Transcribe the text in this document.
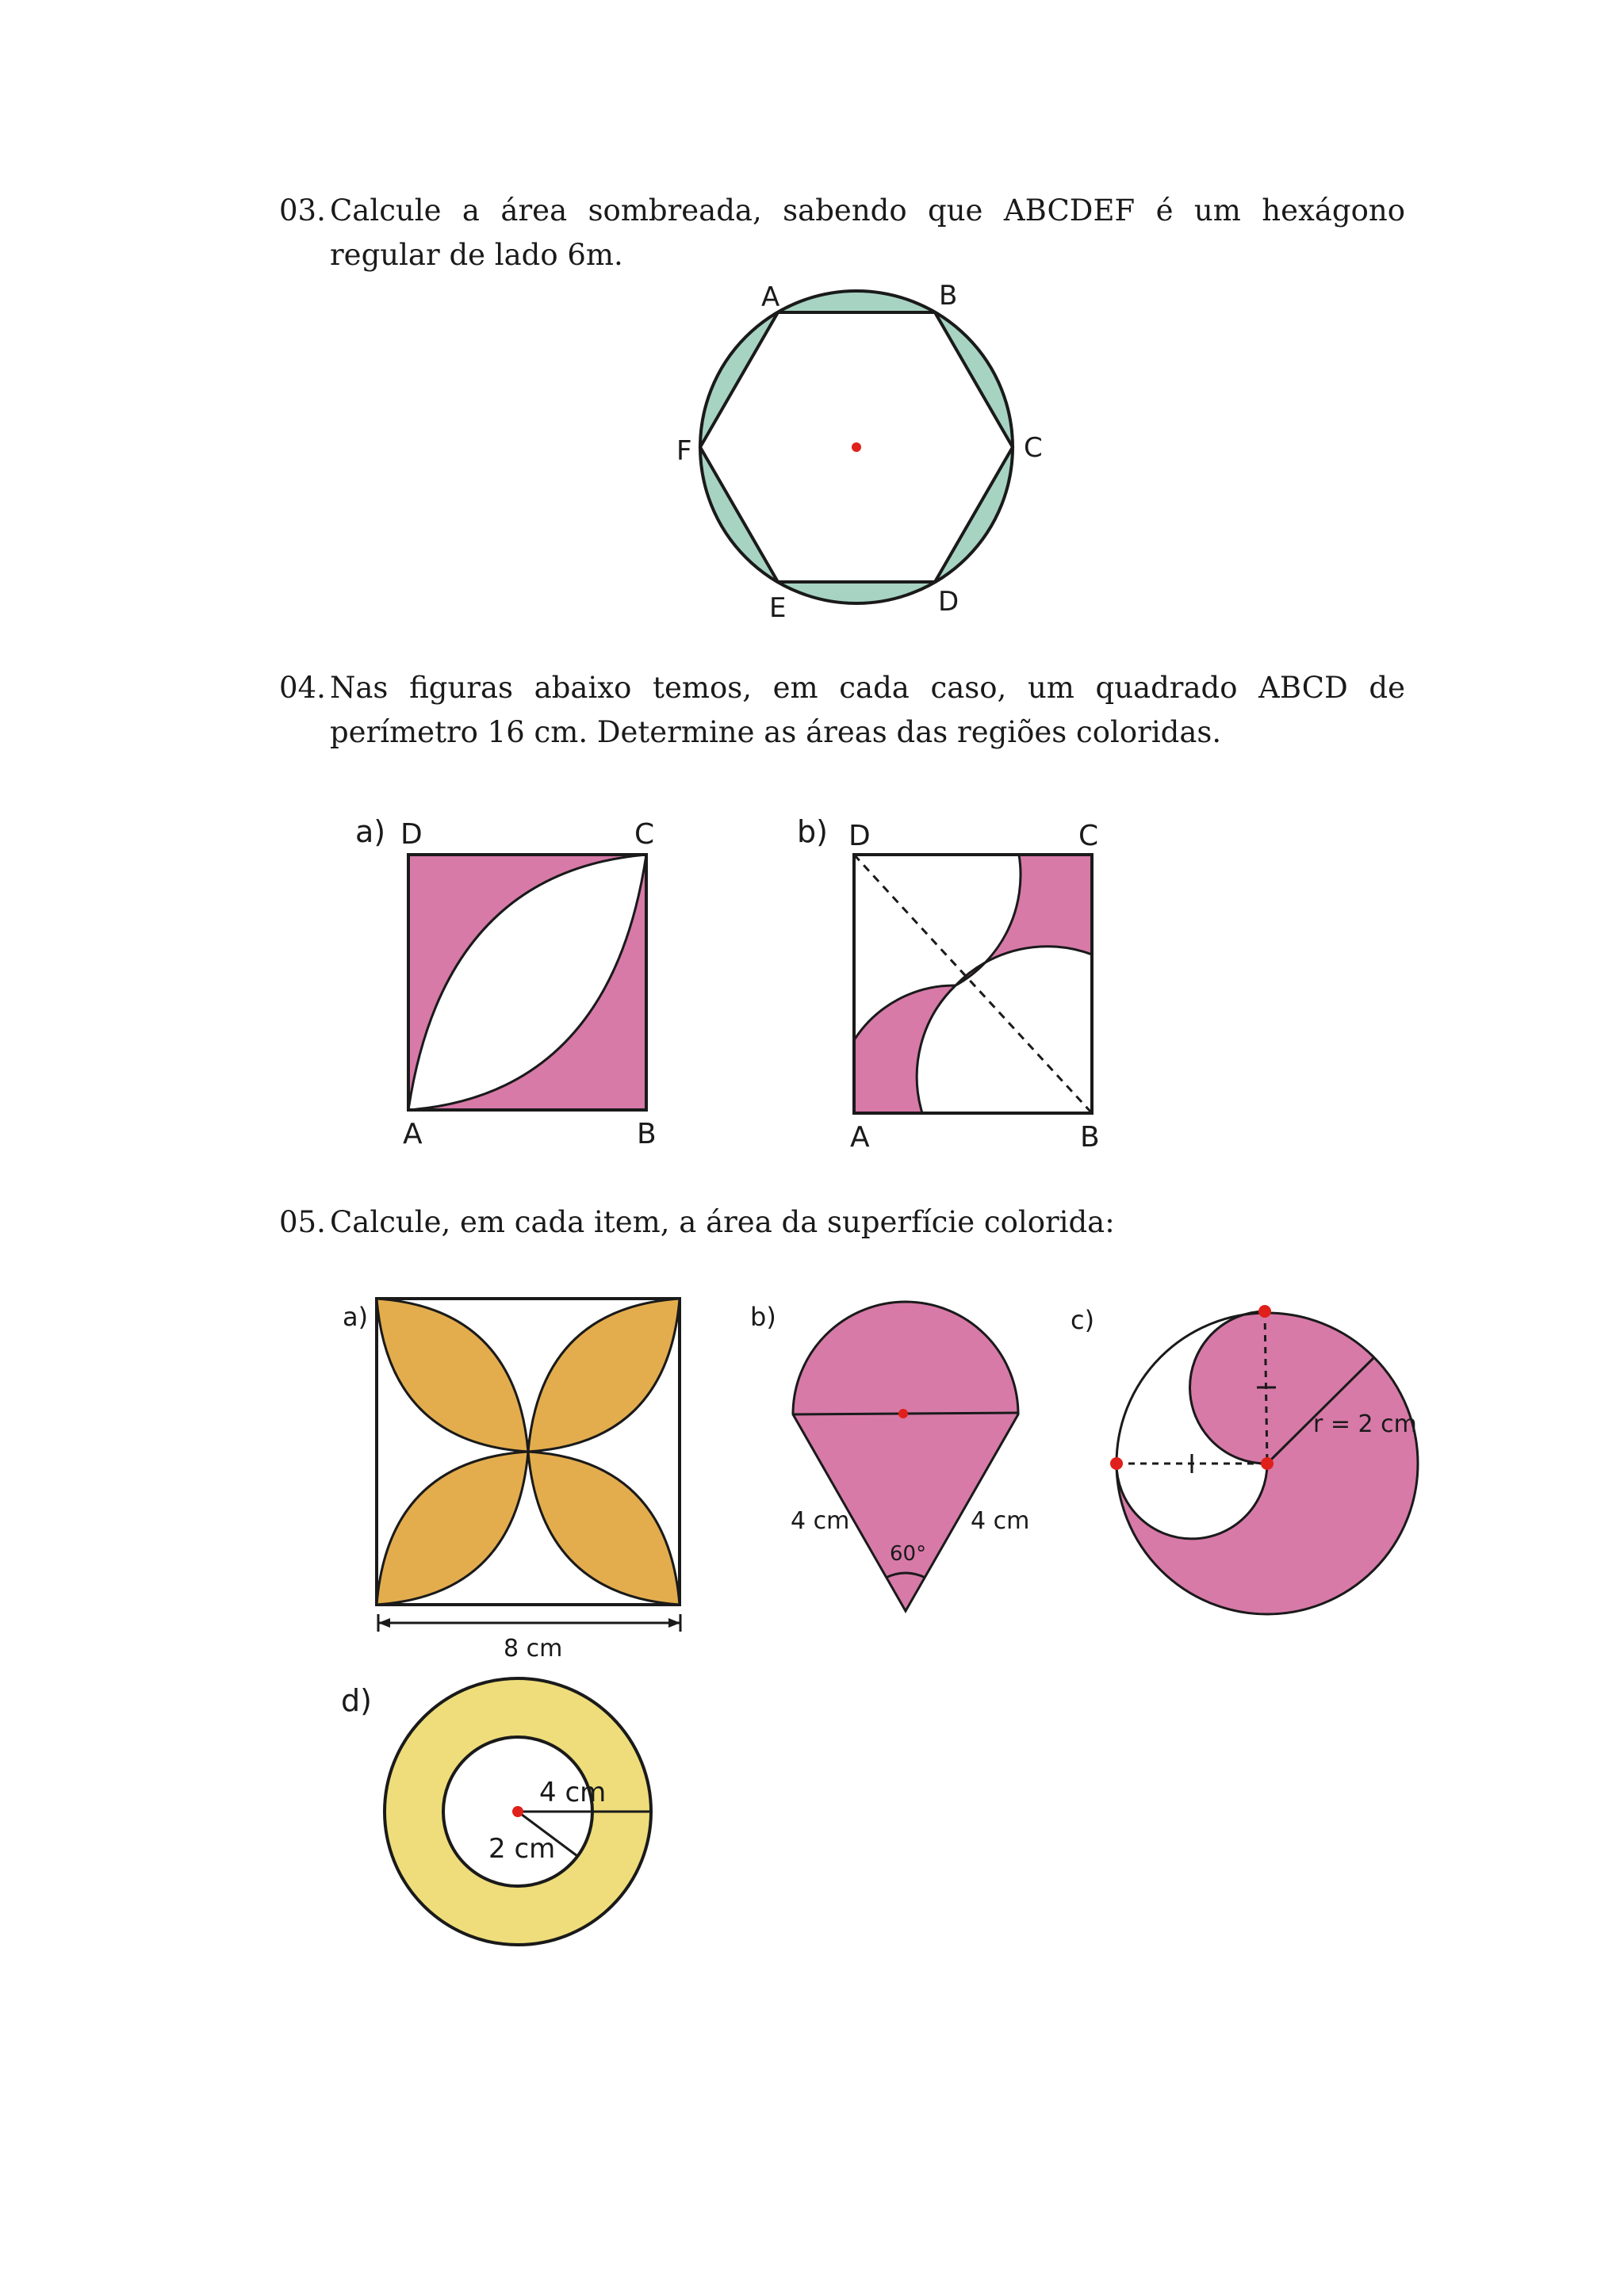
03. Calcule a área sombreada, sabendo que ABCDEF é um hexágono regular de lado 6m.
04. Nas figuras abaixo temos, em cada caso, um quadrado ABCD de perímetro 16 cm. Determine as áreas das regiões coloridas.
05. Calcule, em cada item, a área da superfície colorida:
A	B
C
D
E
F
a) D	C
A	B
b) D	C
A	B
a)
8 cm
b)
4 cm	4 cm
60°
c)
r = 2 cm
d)
4 cm
2 cm
